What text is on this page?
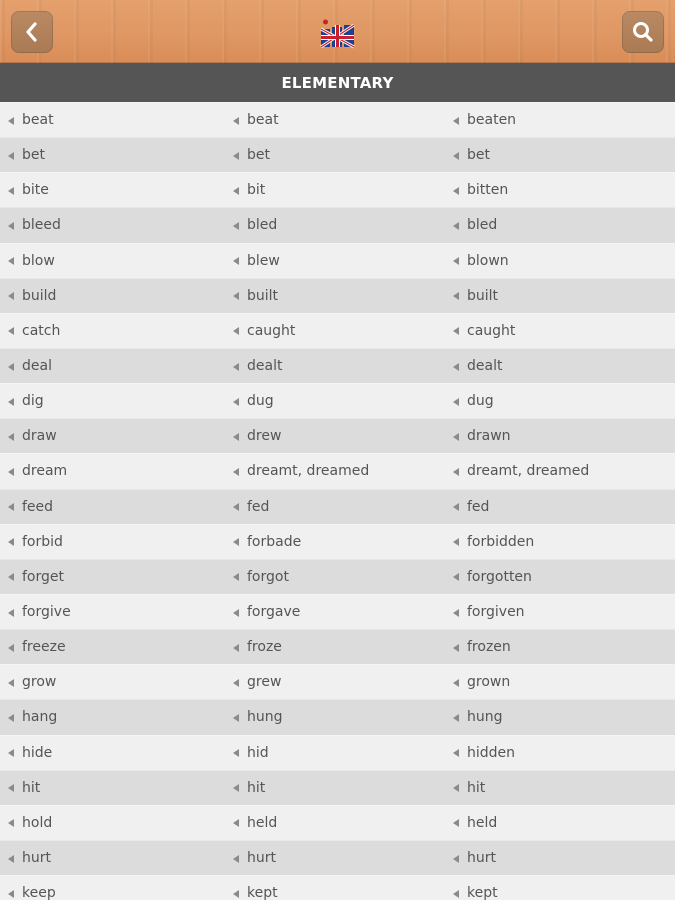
ELEMENTARY
beat	beat	beaten
bet	bet	bet
bite	bit	bitten
bleed	bled	bled
blow	blew	blown
build	built	built
catch	caught	caught
deal	dealt	dealt
dig	dug	dug
draw	drew	drawn
dream	dreamt, dreamed	dreamt, dreamed
feed	fed	fed
forbid	forbade	forbidden
forget	forgot	forgotten
forgive	forgave	forgiven
freeze	froze	frozen
grow	grew	grown
hang	hung	hung
hide	hid	hidden
hit	hit	hit
hold	held	held
hurt	hurt	hurt
keep	kept	kept
